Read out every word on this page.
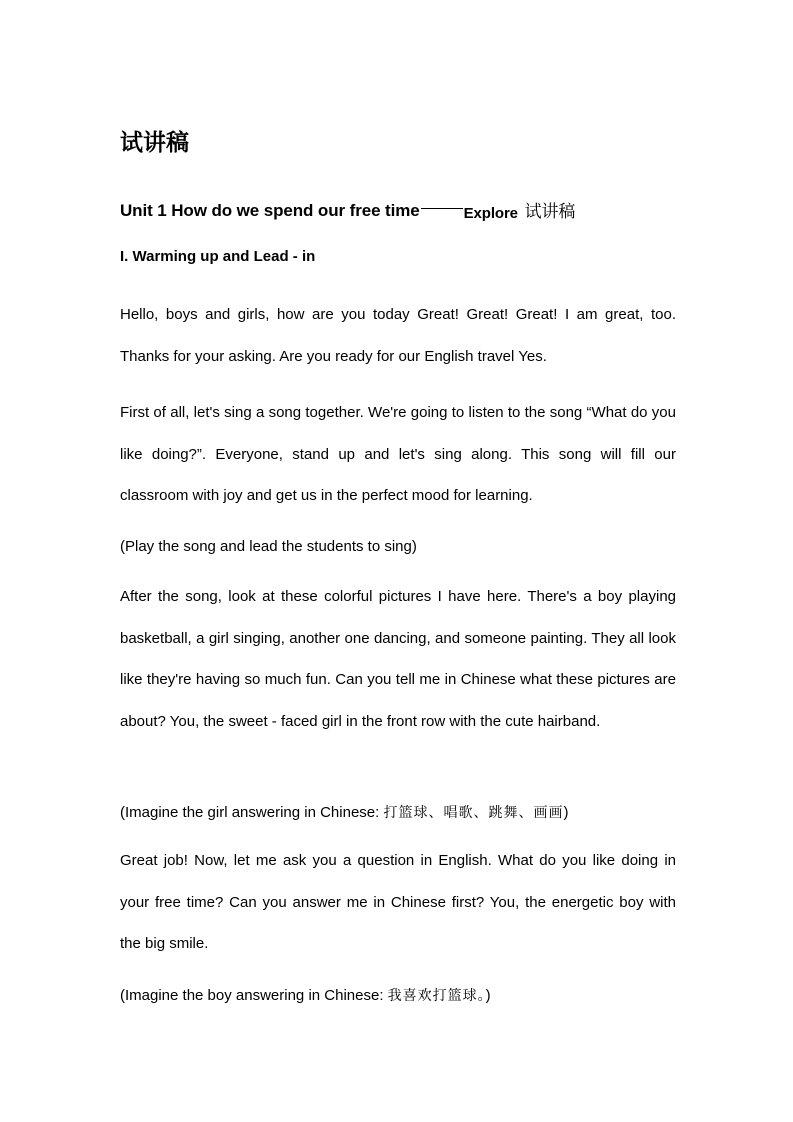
试讲稿
Unit 1 How do we spend our free time	Explore 试讲稿
I. Warming up and Lead - in

Hello, boys and girls, how are you today Great! Great! Great! I am great, too. Thanks for your asking. Are you ready for our English travel Yes.

First of all, let's sing a song together. We're going to listen to the song “What do you like doing?”. Everyone, stand up and let's sing along. This song will fill our classroom with joy and get us in the perfect mood for learning.

(Play the song and lead the students to sing)

After the song, look at these colorful pictures I have here. There's a boy playing basketball, a girl singing, another one dancing, and someone painting. They all look like they're having so much fun. Can you tell me in Chinese what these pictures are about? You, the sweet - faced girl in the front row with the cute hairband.

(Imagine the girl answering in Chinese: 打篮球、唱歌、跳舞、画画)

Great job! Now, let me ask you a question in English. What do you like doing in your free time? Can you answer me in Chinese first? You, the energetic boy with the big smile.

(Imagine the boy answering in Chinese: 我喜欢打篮球。)
